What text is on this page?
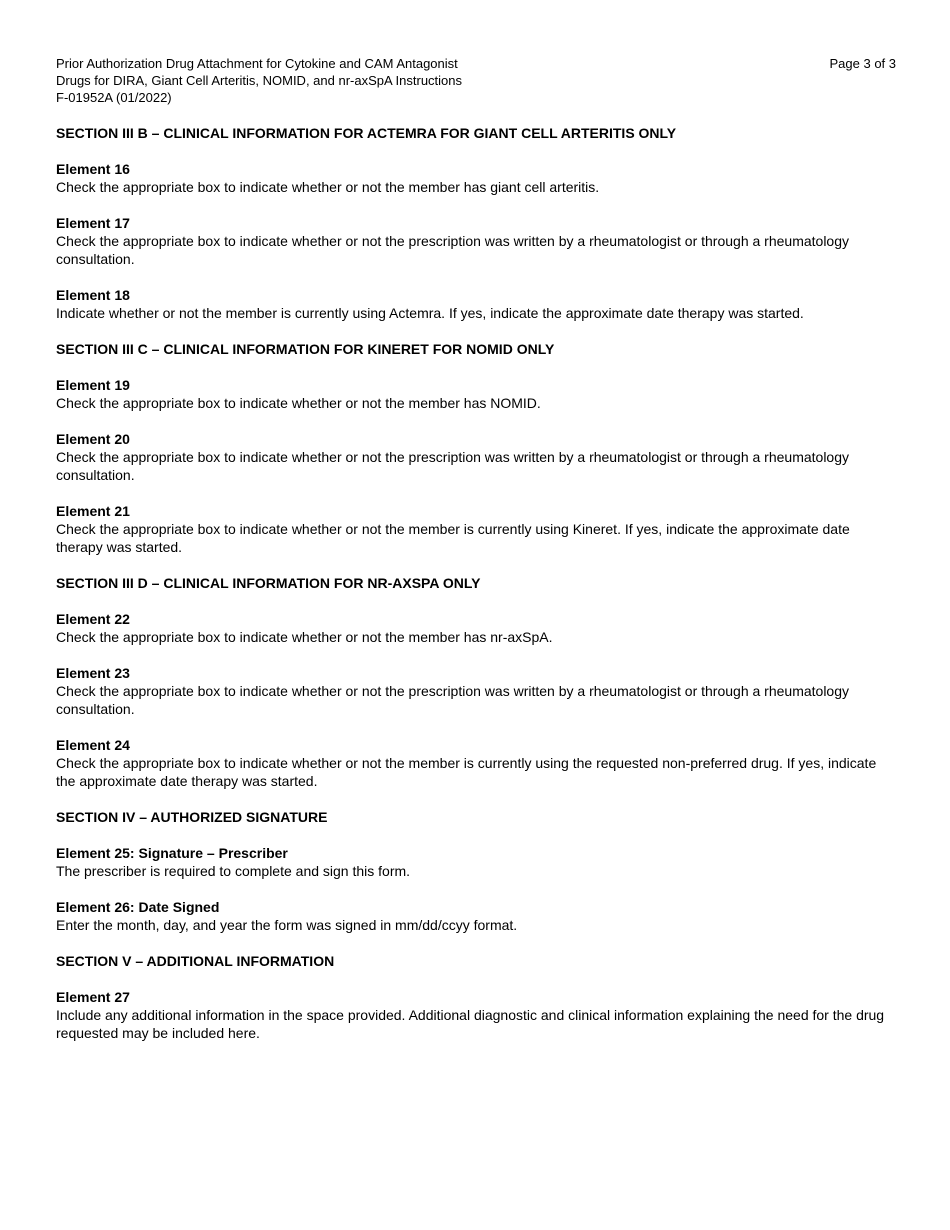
Prior Authorization Drug Attachment for Cytokine and CAM Antagonist
Drugs for DIRA, Giant Cell Arteritis, NOMID, and nr-axSpA Instructions
F-01952A (01/2022)
Page 3 of 3
SECTION III B – CLINICAL INFORMATION FOR ACTEMRA FOR GIANT CELL ARTERITIS ONLY
Element 16
Check the appropriate box to indicate whether or not the member has giant cell arteritis.
Element 17
Check the appropriate box to indicate whether or not the prescription was written by a rheumatologist or through a rheumatology consultation.
Element 18
Indicate whether or not the member is currently using Actemra. If yes, indicate the approximate date therapy was started.
SECTION III C – CLINICAL INFORMATION FOR KINERET FOR NOMID ONLY
Element 19
Check the appropriate box to indicate whether or not the member has NOMID.
Element 20
Check the appropriate box to indicate whether or not the prescription was written by a rheumatologist or through a rheumatology consultation.
Element 21
Check the appropriate box to indicate whether or not the member is currently using Kineret. If yes, indicate the approximate date therapy was started.
SECTION III D – CLINICAL INFORMATION FOR NR-AXSPA ONLY
Element 22
Check the appropriate box to indicate whether or not the member has nr-axSpA.
Element 23
Check the appropriate box to indicate whether or not the prescription was written by a rheumatologist or through a rheumatology consultation.
Element 24
Check the appropriate box to indicate whether or not the member is currently using the requested non-preferred drug. If yes, indicate the approximate date therapy was started.
SECTION IV – AUTHORIZED SIGNATURE
Element 25: Signature – Prescriber
The prescriber is required to complete and sign this form.
Element 26: Date Signed
Enter the month, day, and year the form was signed in mm/dd/ccyy format.
SECTION V – ADDITIONAL INFORMATION
Element 27
Include any additional information in the space provided. Additional diagnostic and clinical information explaining the need for the drug requested may be included here.
